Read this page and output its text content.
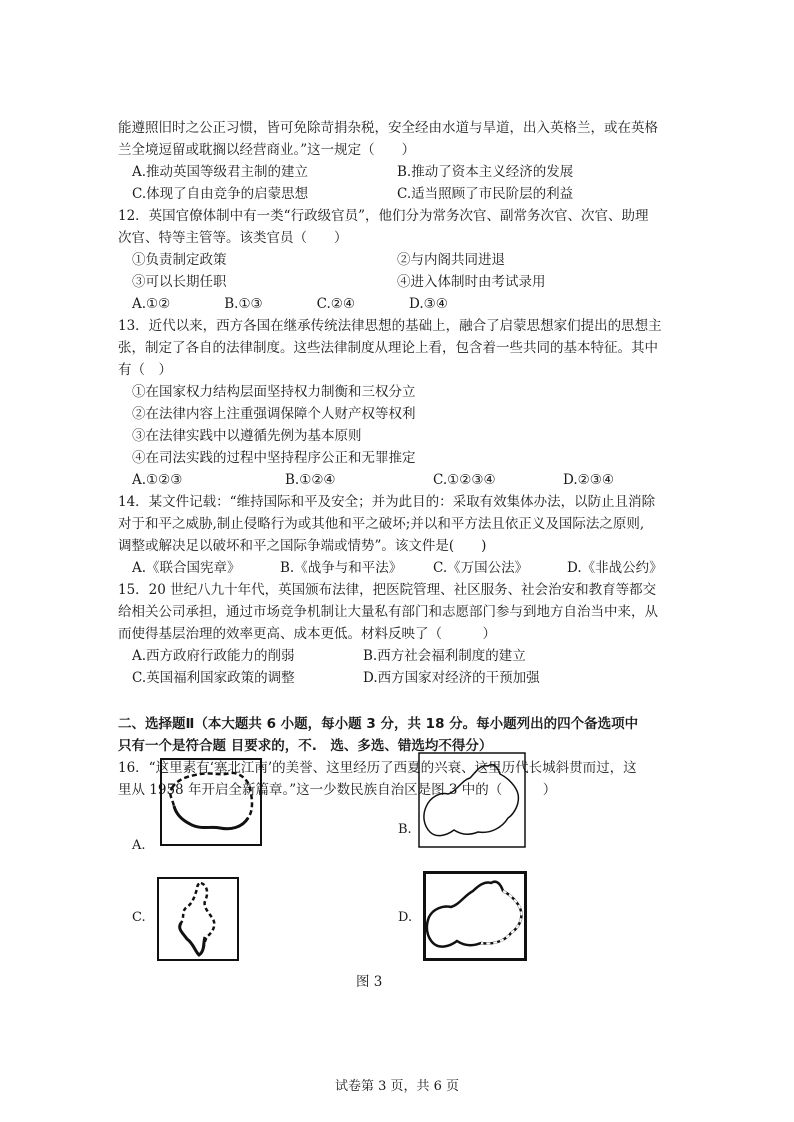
能遵照旧时之公正习惯，皆可免除苛捐杂税，安全经由水道与旱道，出入英格兰，或在英格
兰全境逗留或耽搁以经营商业。”这一规定（　　）
A.推动英国等级君主制的建立	B.推动了资本主义经济的发展
C.体现了自由竞争的启蒙思想	C.适当照顾了市民阶层的利益
12．英国官僚体制中有一类“行政级官员”，他们分为常务次官、副常务次官、次官、助理
次官、特等主管等。该类官员（　　）
①负责制定政策	②与内阁共同进退
③可以长期任职	④进入体制时由考试录用
A.①②　　　　B.①③　　　　C.②④　　　　D.③④
13．近代以来，西方各国在继承传统法律思想的基础上，融合了启蒙思想家们提出的思想主
张，制定了各自的法律制度。这些法律制度从理论上看，包含着一些共同的基本特征。其中
有（　）
①在国家权力结构层面坚持权力制衡和三权分立
②在法律内容上注重强调保障个人财产权等权利
③在法律实践中以遵循先例为基本原则
④在司法实践的过程中坚持程序公正和无罪推定
A.①②③	B.①②④	C.①②③④	D.②③④
14．某文件记载：“维持国际和平及安全；并为此目的：采取有效集体办法，以防止且消除
对于和平之威胁,制止侵略行为或其他和平之破坏;并以和平方法且依正义及国际法之原则,
调整或解决足以破坏和平之国际争端或情势”。该文件是(　　)
A.《联合国宪章》	B.《战争与和平法》 C.《万国公法》	D.《非战公约》
15．20 世纪八九十年代，英国颁布法律，把医院管理、社区服务、社会治安和教育等都交
给相关公司承担，通过市场竞争机制让大量私有部门和志愿部门参与到地方自治当中来，从
而使得基层治理的效率更高、成本更低。材料反映了（　　　）
A.西方政府行政能力的削弱	B.西方社会福利制度的建立
C.英国福利国家政策的调整	D.西方国家对经济的干预加强
二、选择题Ⅱ（本大题共 6 小题，每小题 3 分，共 18 分。每小题列出的四个备选项中
只有一个是符合题 目要求的，不.　选、多选、错选均不得分）
16．“这里素有‘塞北江南’的美誉、这里经历了西夏的兴衰、这里历代长城斜贯而过，这
里从 1958 年开启全新篇章。”这一少数民族自治区是图 3 中的（　　　）
A.
B.
C.	D.
图 3
试卷第 3 页，共 6 页
